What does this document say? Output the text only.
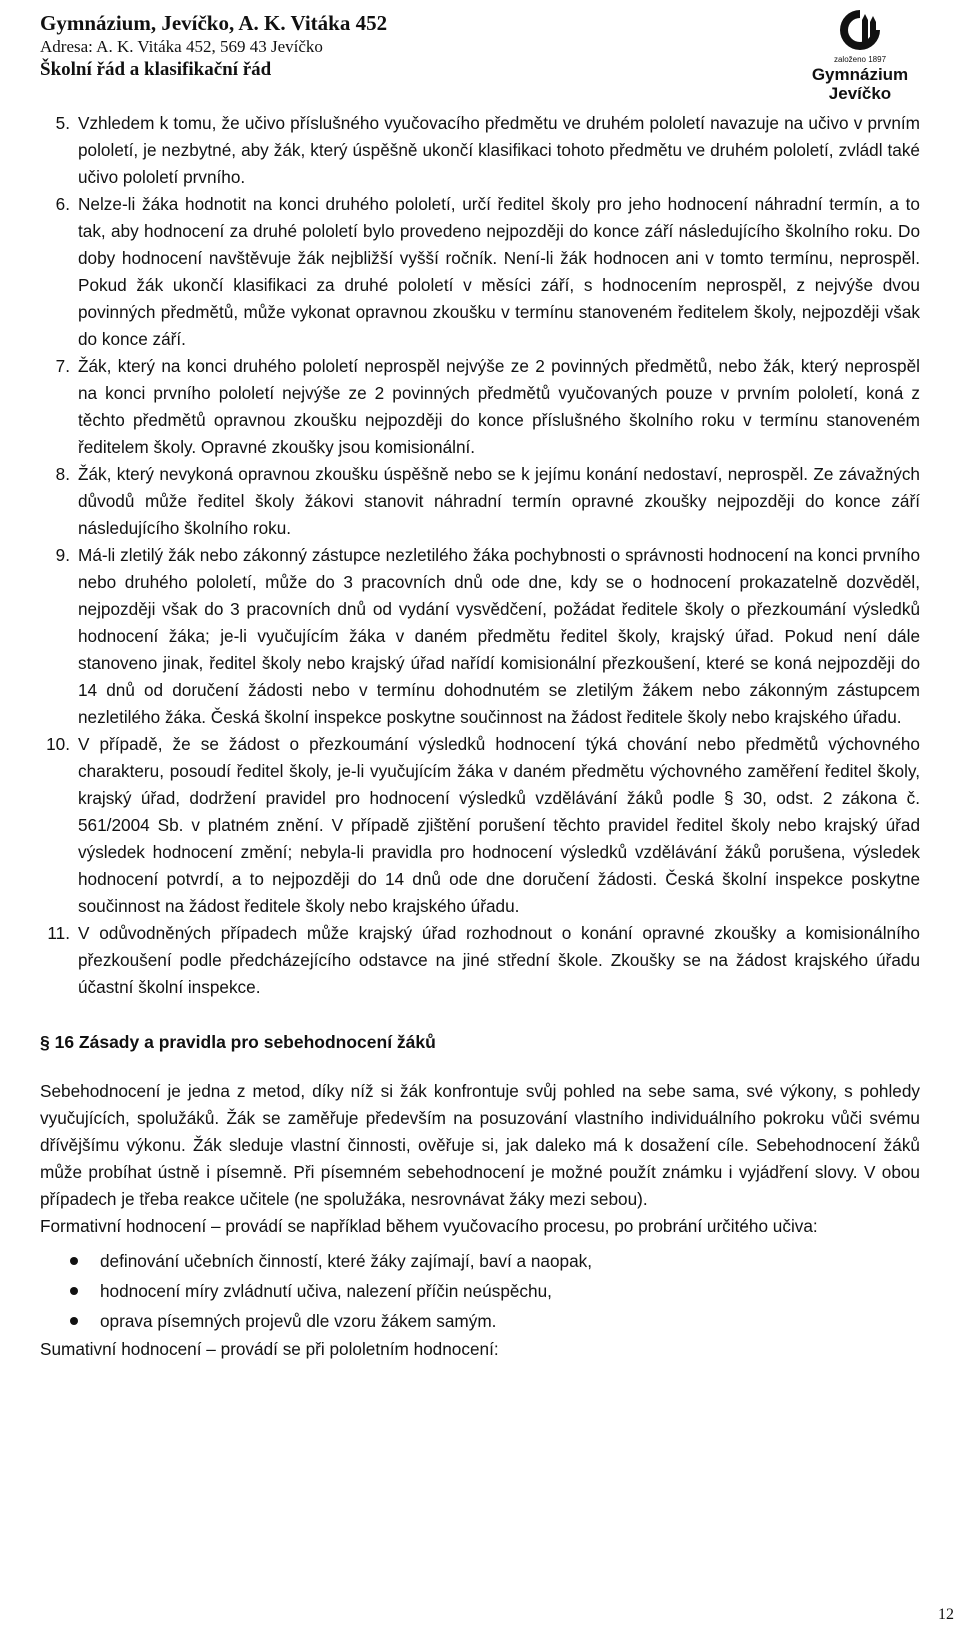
Gymnázium, Jevíčko, A. K. Vitáka 452
Adresa: A. K. Vitáka 452, 569 43 Jevíčko
Školní řád a klasifikační řád	založeno 1897
Gymnázium
Jevíčko
5. Vzhledem k tomu, že učivo příslušného vyučovacího předmětu ve druhém pololetí navazuje na učivo v prvním pololetí, je nezbytné, aby žák, který úspěšně ukončí klasifikaci tohoto předmětu ve druhém pololetí, zvládl také učivo pololetí prvního.
6. Nelze-li žáka hodnotit na konci druhého pololetí, určí ředitel školy pro jeho hodnocení náhradní termín, a to tak, aby hodnocení za druhé pololetí bylo provedeno nejpozději do konce září následujícího školního roku. Do doby hodnocení navštěvuje žák nejbližší vyšší ročník. Není-li žák hodnocen ani v tomto termínu, neprospěl. Pokud žák ukončí klasifikaci za druhé pololetí v měsíci září, s hodnocením neprospěl, z nejvýše dvou povinných předmětů, může vykonat opravnou zkoušku v termínu stanoveném ředitelem školy, nejpozději však do konce září.
7. Žák, který na konci druhého pololetí neprospěl nejvýše ze 2 povinných předmětů, nebo žák, který neprospěl na konci prvního pololetí nejvýše ze 2 povinných předmětů vyučovaných pouze v prvním pololetí, koná z těchto předmětů opravnou zkoušku nejpozději do konce příslušného školního roku v termínu stanoveném ředitelem školy. Opravné zkoušky jsou komisionální.
8. Žák, který nevykoná opravnou zkoušku úspěšně nebo se k jejímu konání nedostaví, neprospěl. Ze závažných důvodů může ředitel školy žákovi stanovit náhradní termín opravné zkoušky nejpozději do konce září následujícího školního roku.
9. Má-li zletilý žák nebo zákonný zástupce nezletilého žáka pochybnosti o správnosti hodnocení na konci prvního nebo druhého pololetí, může do 3 pracovních dnů ode dne, kdy se o hodnocení prokazatelně dozvěděl, nejpozději však do 3 pracovních dnů od vydání vysvědčení, požádat ředitele školy o přezkoumání výsledků hodnocení žáka; je-li vyučujícím žáka v daném předmětu ředitel školy, krajský úřad. Pokud není dále stanoveno jinak, ředitel školy nebo krajský úřad nařídí komisionální přezkoušení, které se koná nejpozději do 14 dnů od doručení žádosti nebo v termínu dohodnutém se zletilým žákem nebo zákonným zástupcem nezletilého žáka. Česká školní inspekce poskytne součinnost na žádost ředitele školy nebo krajského úřadu.
10. V případě, že se žádost o přezkoumání výsledků hodnocení týká chování nebo předmětů výchovného charakteru, posoudí ředitel školy, je-li vyučujícím žáka v daném předmětu výchovného zaměření ředitel školy, krajský úřad, dodržení pravidel pro hodnocení výsledků vzdělávání žáků podle § 30, odst. 2 zákona č. 561/2004 Sb. v platném znění. V případě zjištění porušení těchto pravidel ředitel školy nebo krajský úřad výsledek hodnocení změní; nebyla-li pravidla pro hodnocení výsledků vzdělávání žáků porušena, výsledek hodnocení potvrdí, a to nejpozději do 14 dnů ode dne doručení žádosti. Česká školní inspekce poskytne součinnost na žádost ředitele školy nebo krajského úřadu.
11. V odůvodněných případech může krajský úřad rozhodnout o konání opravné zkoušky a komisionálního přezkoušení podle předcházejícího odstavce na jiné střední škole. Zkoušky se na žádost krajského úřadu účastní školní inspekce.
§ 16 Zásady a pravidla pro sebehodnocení žáků

Sebehodnocení je jedna z metod, díky níž si žák konfrontuje svůj pohled na sebe sama, své výkony, s pohledy vyučujících, spolužáků. Žák se zaměřuje především na posuzování vlastního individuálního pokroku vůči svému dřívějšímu výkonu. Žák sleduje vlastní činnosti, ověřuje si, jak daleko má k dosažení cíle. Sebehodnocení žáků může probíhat ústně i písemně. Při písemném sebehodnocení je možné použít známku i vyjádření slovy. V obou případech je třeba reakce učitele (ne spolužáka, nesrovnávat žáky mezi sebou).

Formativní hodnocení – provádí se například během vyučovacího procesu, po probrání určitého učiva:

definování učebních činností, které žáky zajímají, baví a naopak,
hodnocení míry zvládnutí učiva, nalezení příčin neúspěchu,
oprava písemných projevů dle vzoru žákem samým.

Sumativní hodnocení – provádí se při pololetním hodnocení:

12
